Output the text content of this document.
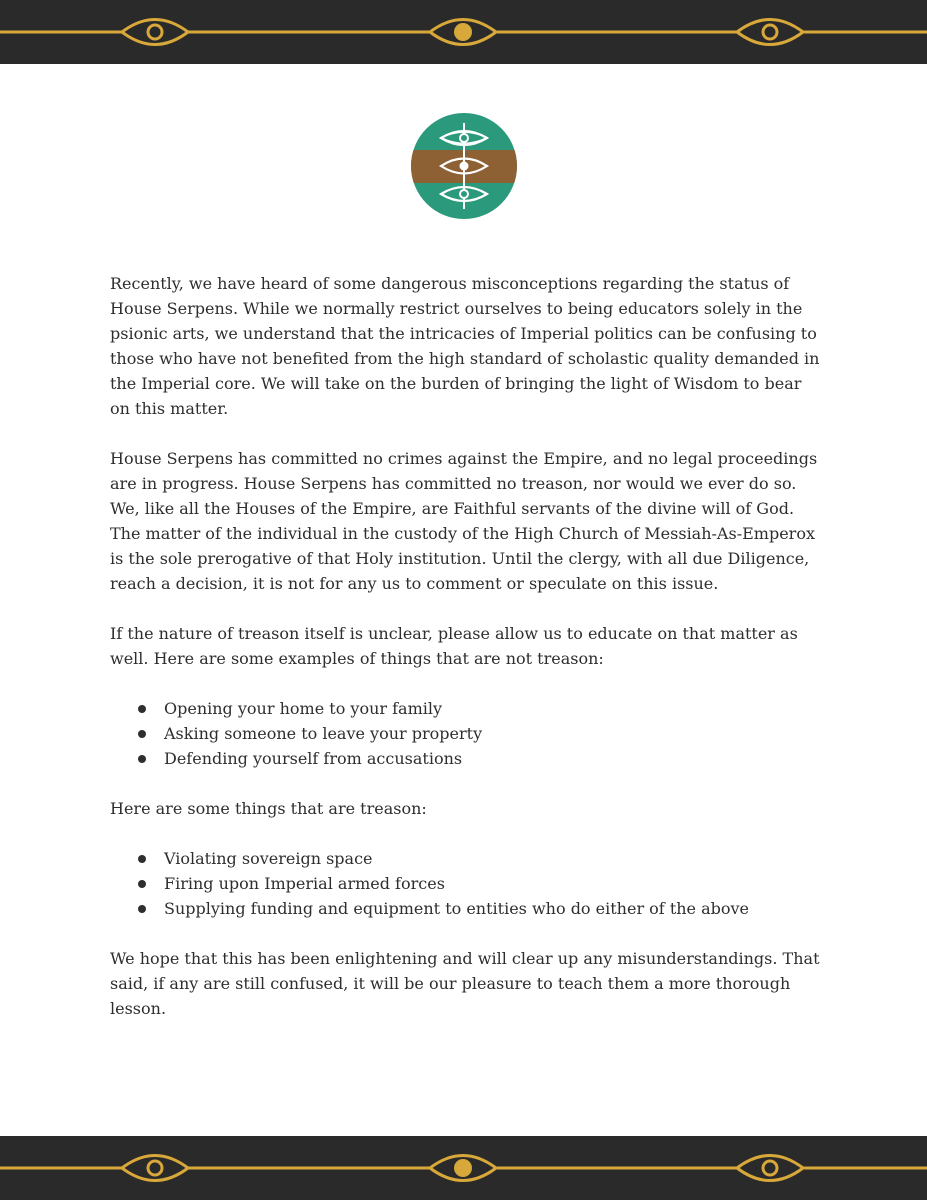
Recently, we have heard of some dangerous misconceptions regarding the status of House Serpens. While we normally restrict ourselves to being educators solely in the psionic arts, we understand that the intricacies of Imperial politics can be confusing to those who have not benefited from the high standard of scholastic quality demanded in the Imperial core. We will take on the burden of bringing the light of Wisdom to bear on this matter.

House Serpens has committed no crimes against the Empire, and no legal proceedings are in progress. House Serpens has committed no treason, nor would we ever do so. We, like all the Houses of the Empire, are Faithful servants of the divine will of God. The matter of the individual in the custody of the High Church of Messiah-As-Emperox is the sole prerogative of that Holy institution. Until the clergy, with all due Diligence, reach a decision, it is not for any us to comment or speculate on this issue.

If the nature of treason itself is unclear, please allow us to educate on that matter as well. Here are some examples of things that are not treason:

Opening your home to your family
Asking someone to leave your property
Defending yourself from accusations

Here are some things that are treason:

Violating sovereign space
Firing upon Imperial armed forces
Supplying funding and equipment to entities who do either of the above

We hope that this has been enlightening and will clear up any misunderstandings. That said, if any are still confused, it will be our pleasure to teach them a more thorough lesson.
